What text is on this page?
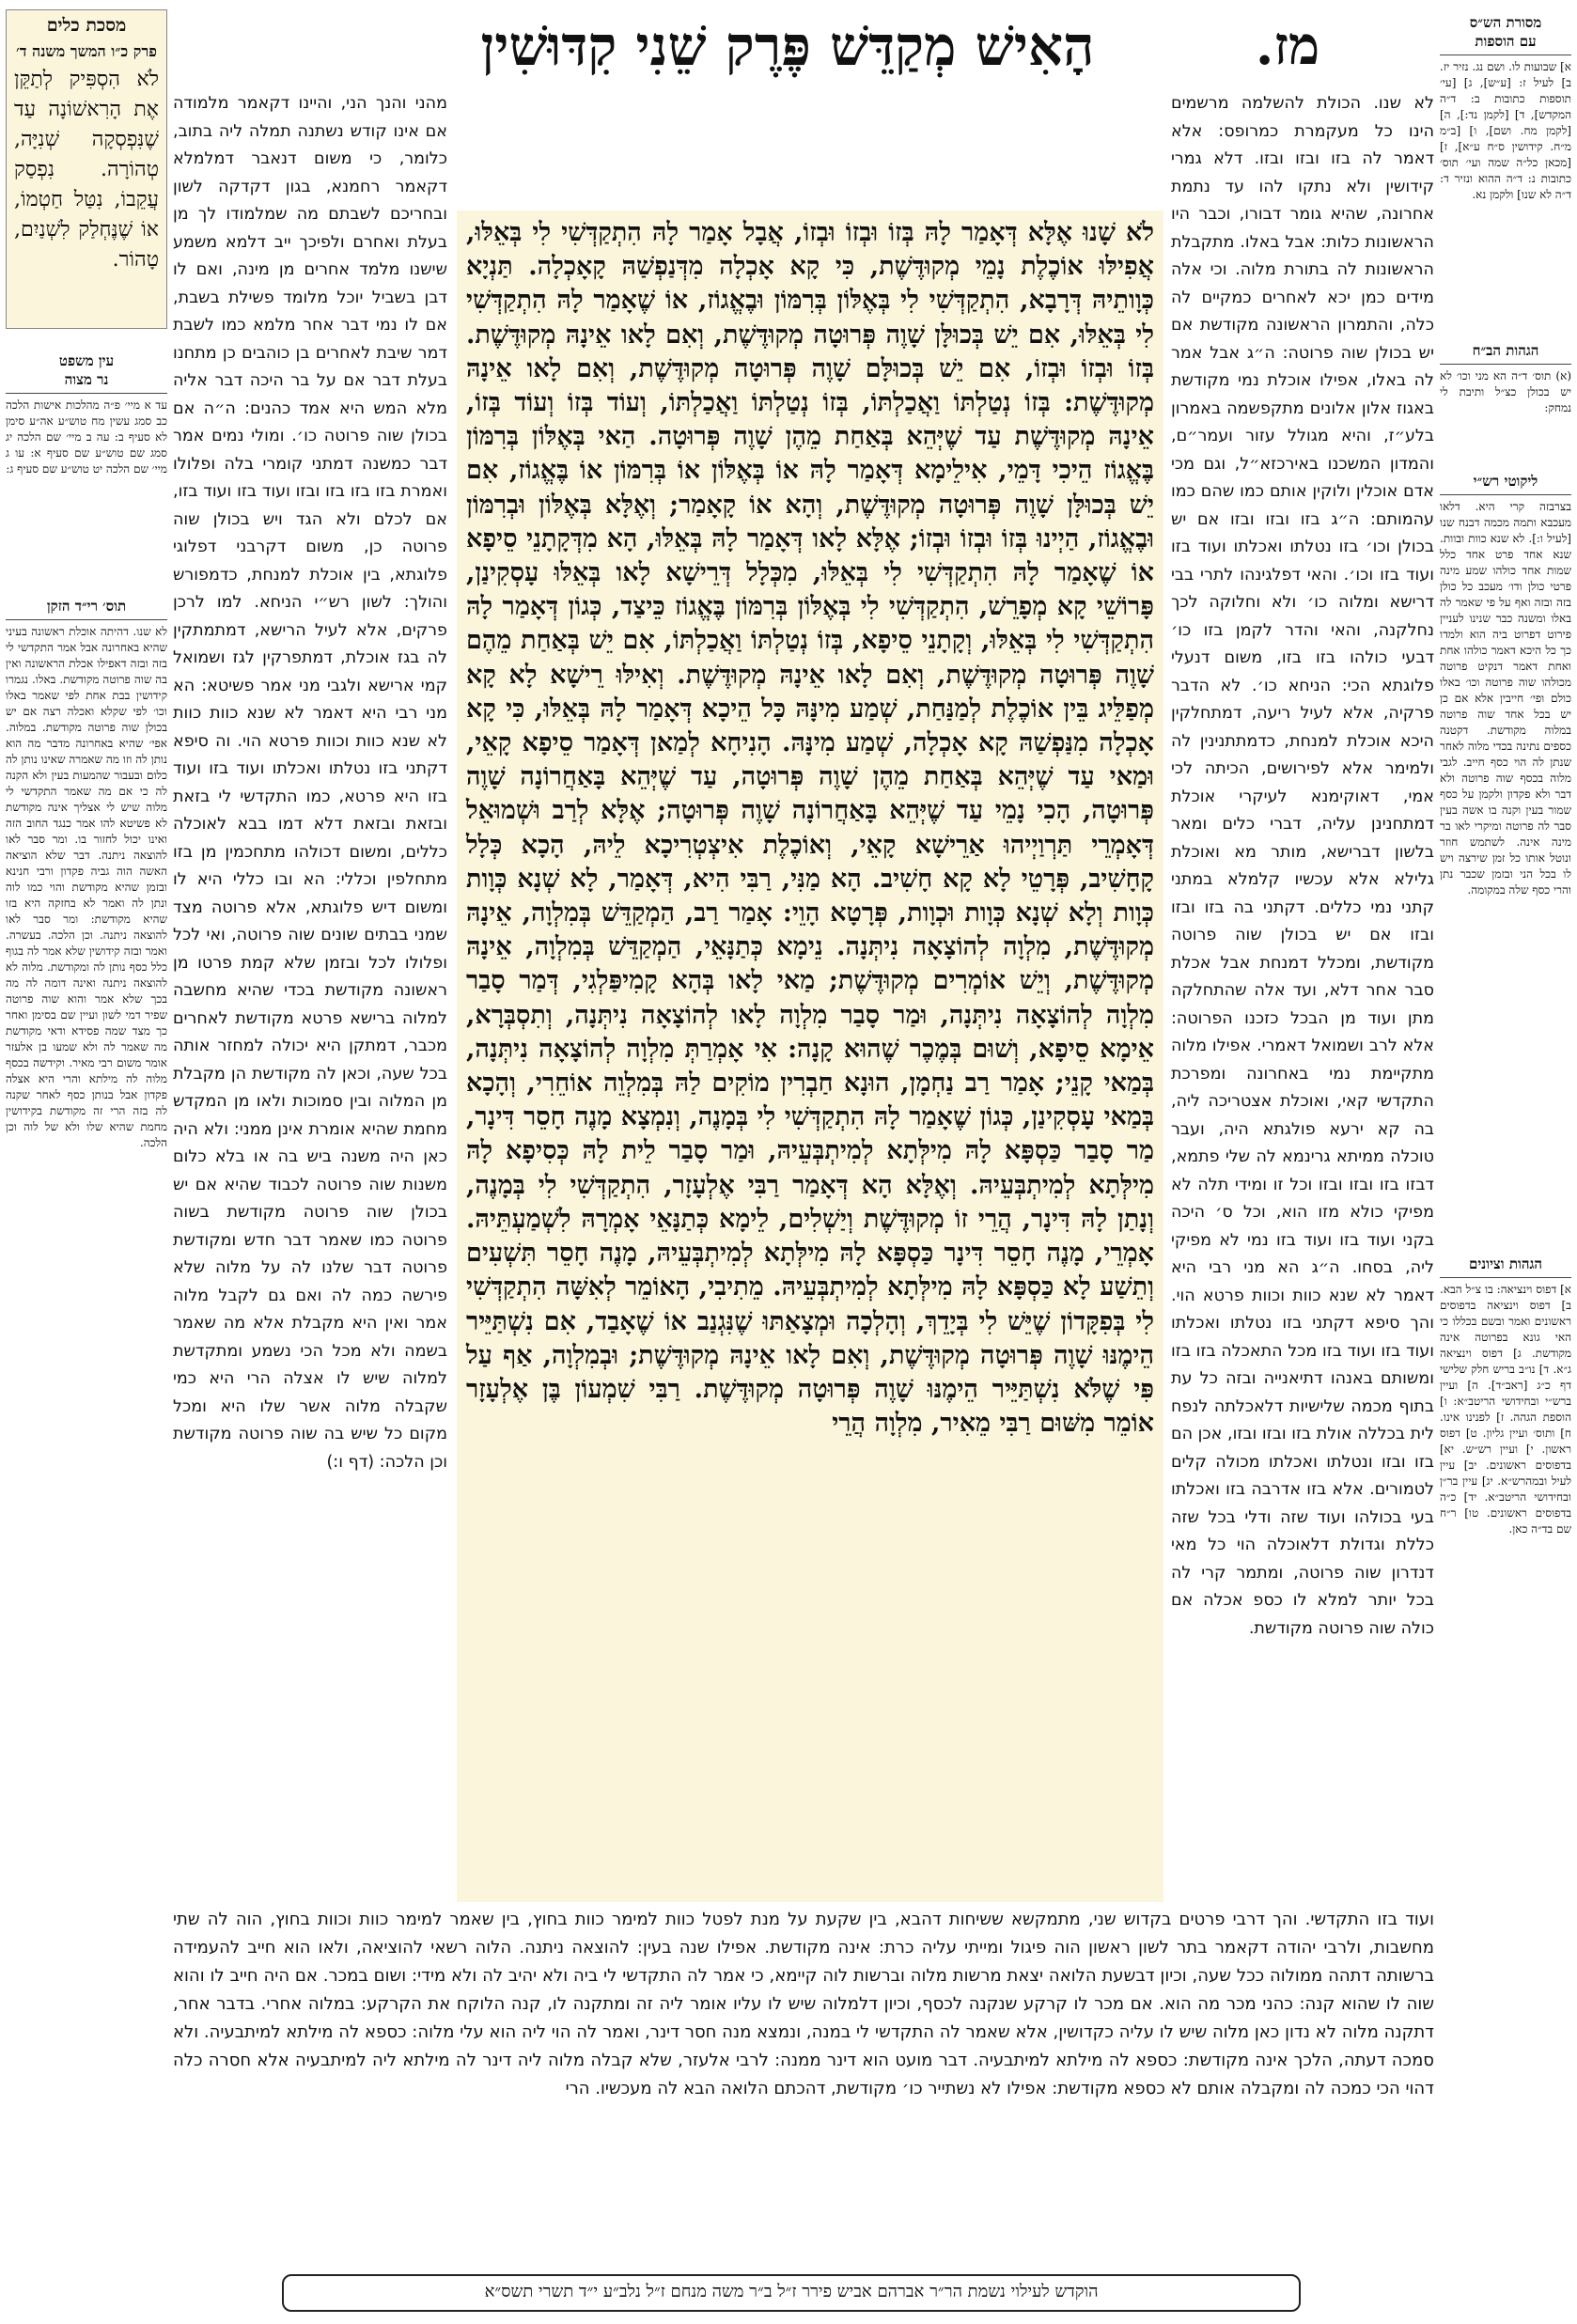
מז.
הָאִישׁ מְקַדֵּשׁ פֶּרֶק שֵׁנִי קִדּוּשִׁין	מסורת הש״ס
עם הוספות
א] שבועות לו. ושם נג. נזיר יז. ב] לעיל ז: [ע״ש], ג] [עי׳ תוספות כתובות ב: ד״ה המקדש], ד] [לקמן נד:], ה] [לקמן מח. ושם], ו] [ב״מ מ״ח. קידושין ס״ח ע״א], ז] [מכאן כל״ה שמה ועי׳ תוס׳ כתובות נ: ד״ה ההוא ונזיר ד: ד״ה לא שנו] ולקמן נא.
הגהות הב״ח
(א) תוס׳ ד״ה הא מני וכו׳ לא יש בכולן כצ״ל ותיבת לי נמחק:
ליקוטי רש״י
בצרבזה קרי היא. דלאו מעכבא ותמה מכמה דבנח שנו [לעיל ו:]. לא שנא כוות ובוות. שנא אחד פרט אחד כלל שמות אחד כולהו שמע מינה פרטי כולן ודו׳ מעכב כל כולן בזה ובזה ואף על פי שאמר לה באלו ומשנה כבר שנינו לעניין פירוט דפרוט ביה הוא ולמדו כך כל היכא דאמר כולהו אחת ואחת דאמר דנקיט פרוטה מכולהו שוה פרוטה וכו׳ באלו כולם ופי׳ חייבין אלא אם כן יש בכל אחד שוה פרוטה במלוה מקודשת. דקטנה כספים נתינה בכדי מלוה לאחר שנתן לה הוי כסף חייב. לגבי מלוה בכסף שוה פרוטה ולא דבר ולא פקדון ולקמן על כסף שמור בעין וקנה בו אשה בעין סבר לה פרוטה ומיקרי לאו בר מינה אינה. לשתמש חוזר ונוטל אותו כל זמן שירצה ויש לו בכל הני ובזמן שכבר נתן והרי כסף שלה במקומה.
הגהות וציונים
א] דפוס וינציאה: בו צ״ל הבא. ב] דפוס וינציאה בדפוסים ראשונים ואמר ובשם בכללו כי האי גונא בפרוטה אינה מקודשת. ג] דפוס וינציאה ג״א. ד] נו״ב בריש חלק שלישי דף כ״ג [ראב״ד]. ה] ועיין ברש״י ובחידושי הריטב״א: ו] הוספת הגהה. ז] לפנינו אינו. ח] ותוס׳ ועיין גליון. ט] דפוס ראשון. י] ועיין רש״ש. יא] בדפוסים ראשונים. יב] עיין לעיל ובמהרש״א. יג] עיין בר״ן ובחידושי הריטב״א. יד] כ״ה בדפוסים ראשונים. טו] ר״ח שם בד״ה כאן.
מסכת כלים
פרק כ״ו המשך משנה ד׳
לֹא הִסְפִּיק לְתַקֵּן אֶת הָרִאשׁוֹנָה עַד שֶׁנִּפְסְקָה שְׁנִיָּה, טְהוֹרָה. נִפְסַק עֲקֵבוֹ, נִטַּל חַטְמוֹ, אוֹ שֶׁנֶּחְלַק לִשְׁנַיִם, טָהוֹר.
עין משפט
נר מצוה
עד א מיי׳ פ״ה מהלכות אישות הלכה כב סמג עשין מח טוש״ע אה״ע סימן לא סעיף ב: עה ב מיי׳ שם הלכה יג סמג שם טוש״ע שם סעיף א: עו ג מיי׳ שם הלכה יט טוש״ע שם סעיף ג:
תוס׳ רי״ד הזקן
לא שנו. דהיתה אוכלת ראשונה בעיני שהיא באחרונה אבל אמר התקדשי לי בזה ובזה דאפילו אכלת הראשונה ואין בה שוה פרוטה מקודשת. באלו. נגמרו קידושין בבת אחת לפי שאמר באלו וכו׳ לפי שקלא ואכלה רצה אם יש בכולן שוה פרוטה מקודשת. במלוה. אפי׳ שהיא באחרונה מדבר מה הוא נותן לה וזו מה שאמרה שאינו נותן לה כלום ובעבור שהמעות בעין ולא הקנה לה כי אם מה שאמר התקדשי לי מלוה שיש לי אצליך אינה מקודשת לא פשיטא להו אמר כנגד החוב הזה ואינו יכול לחזור בו. ומר סבר לאו להוצאה ניתנה. דבר שלא הוציאה האשה הוה גביה פקדון ורבי חנינא ובזמן שהיא מקודשת והוי כמו לוה ונתן לה ואמר לא בחזקה היא בזו שהיא מקודשת: ומר סבר לאו להוצאה ניתנה. וכן הלכה. בעשרה. ואמר ובזה קידושין שלא אמר לה בגוף כלל כסף נותן לה ומקודשת. מלוה לא להוצאה ניתנה ואינה דומה לה מה בכך שלא אמר והוא שוה פרוטה שפיר דמי לשון ועיין שם בסימן ואחר כך מצד שמה פסידא ודאי מקודשת מה שאמר לה ולא שמעו בן אלעזר אומר משום רבי מאיר. וקידשה בכסף מלוה לה מילתא והרי היא אצלה פקדון אבל בנותן כסף לאחר שקנה לה בזה הרי זה מקודשת בקידושין מחמת שהיא שלו ולא של לוה וכן הלכה.
לא שנו. הכולת להשלמה מרשמים הינו כל מעקמרת כמרופס: אלא דאמר לה בזו ובזו ובזו. דלא גמרי קידושין ולא נתקו להו עד נתמת אחרונה, שהיא גומר דבורו, וכבר היו הראשונות כלות: אבל באלו. מתקבלת הראשונות לה בתורת מלוה. וכי אלה מידים כמן יכא לאחרים כמקיים לה כלה, והתמרון הראשונה מקודשת אם יש בכולן שוה פרוטה: ה״ג אבל אמר לה באלו, אפילו אוכלת נמי מקודשת באגוז אלון אלונים מתקפשמה באמרון בלע״ז, והיא מגולל עזור ועמר״ם, והמדון המשכנו באירכזא״ל, וגם מכי אדם אוכלין ולוקין אותם כמו שהם כמו עהמותם: ה״ג בזו ובזו ובזו אם יש בכולן וכו׳ בזו נטלתו ואכלתו ועוד בזו ועוד בזו וכו׳. והאי דפלגינהו לתרי בבי דרישא ומלוה כו׳ ולא וחלוקה לכך נחלקנה, והאי והדר לקמן בזו כו׳ דבעי כולהו בזו בזו, משום דנעלי פלוגתא הכי: הניחא כו׳. לא הדבר פרקיה, אלא לעיל ריעה, דמתחלקין היכא אוכלת למנחת, כדמתתנינין לה ולמימר אלא לפירושים, הכיתה לכי אמי, דאוקימנא לעיקרי אוכלת דמתחנינן עליה, דברי כלים ומאר בלשון דברישא, מותר מא ואוכלת גלילא אלא עכשיו קלמלא במתני קתני נמי כללים. דקתני בה בזו ובזו ובזו אם יש בכולן שוה פרוטה מקודשת, ומכלל דמנחת אבל אכלת סבר אחר דלא, ועד אלה שהתחלקה מתן ועוד מן הבכל כזכנו הפרוטה: אלא לרב ושמואל דאמרי. אפילו מלוה מתקיימת נמי באחרונה ומפרכת התקדשי קאי, ואוכלת אצטריכה ליה, בה קא ירעא פולגתא היה, ועבר טוכלה ממיתא גרינמא לה שלי פתמא, דבזו בזו ובזו ובזו וכל זו ומידי תלה לא מפיקי כולא מזו הוא, וכל ס׳ היכה בקני ועוד בזו ועוד בזו נמי לא מפיקי ליה, בסחו. ה״ג הא מני רבי היא דאמר לא שנא כוות וכוות פרטא הוי. והך סיפא דקתני בזו נטלתו ואכלתו ועוד בזו ועוד בזו מכל התאכלה בזו בזו ומשותם באנהו דתיאנייה ובזה כל עת בתוף מכמה שלישיות דלאכלתה לנפח לית בכללה אולת בזו ובזו ובזו, אכן הם בזו ובזו ונטלתו ואכלתו מכולה קלים לטמורים. אלא בזו אדרבה בזו ואכלתו בעי בכולהו ועוד שזה ודלי בכל שזה כללת וגדולת דלאוכלה הוי כל מאי דנדרון שוה פרוטה, ומתמר קרי לה בכל יותר למלא לו כספ אכלה אם כולה שוה פרוטה מקודשת.
מהני והנך הני, והיינו דקאמר מלמודה אם אינו קודש נשתנה תמלה ליה בתוב, כלומר, כי משום דנאבר דמלמלא דקאמר רחמנא, בגון דקדקה לשון ובחריכם לשבתם מה שמלמודו לך מן בעלת ואחרם ולפיכך ייב דלמא משמע שישנו מלמד אחרים מן מינה, ואם לו דבן בשביל יוכל מלומד פשילת בשבת, אם לו נמי דבר אחר מלמא כמו לשבת דמר שיבת לאחרים בן כוהבים כן מתחנו בעלת דבר אם על בר היכה דבר אליה מלא המש היא אמד כהנים: ה״ה אם בכולן שוה פרוטה כו׳. ומולי נמים אמר דבר כמשנה דמתני קומרי בלה ופלולו ואמרת בזו בזו בזו ובזו ועוד בזו ועוד בזו, אם לכלם ולא הגד ויש בכולן שוה פרוטה כן, משום דקרבני דפלוגי פלוגתא, בין אוכלת למנחת, כדמפורש והולך: לשון רש״י הניחא. למו לרכן פרקים, אלא לעיל הרישא, דמתמתקין לה בגז אוכלת, דמתפרקין לגז ושמואל קמי ארישא ולגבי מני אמר פשיטא: הא מני רבי היא דאמר לא שנא כוות כוות לא שנא כוות וכוות פרטא הוי. וה סיפא דקתני בזו נטלתו ואכלתו ועוד בזו ועוד בזו היא פרטא, כמו התקדשי לי בזאת ובזאת ובזאת דלא דמו בבא לאוכלה כללים, ומשום דכולהו מתחכמין מן בזו מתחלפין וכללי: הא ובו כללי היא לו ומשום דיש פלוגתא, אלא פרוטה מצד שמני בבתים שונים שוה פרוטה, ואי לכל ופלולו לכל ובזמן שלא קמת פרטו מן ראשונה מקודשת בכדי שהיא מחשבה למלוה ברישא פרטא מקודשת לאחרים מכבר, דמתקן היא יכולה למחזר אותה בכל שעה, וכאן לה מקודשת הן מקבלת מן המלוה ובין סמוכות ולאו מן המקדש מחמת שהיא אומרת אינן ממני: ולא היה כאן היה משנה ביש בה או בלא כלום משנות שוה פרוטה לכבוד שהיא אם יש בכולן שוה פרוטה מקודשת בשוה פרוטה כמו שאמר דבר חדש ומקודשת פרוטה דבר שלנו לה על מלוה שלא פירשה כמה לה ואם גם לקבל מלוה אמר ואין היא מקבלת אלא מה שאמר בשמה ולא מכל הכי נשמע ומתקדשת למלוה שיש לו אצלה הרי היא כמי שקבלה מלוה אשר שלו היא ומכל מקום כל שיש בה שוה פרוטה מקודשת וכן הלכה: (דף ו:)
לֹא שָׁנוּ אֶלָּא דְּאָמַר לָהּ בְּזוֹ וּבְזוֹ וּבְזוֹ, אֲבָל אָמַר לָהּ הִתְקַדְּשִׁי לִי בְּאֵלּוּ, אֲפִילּוּ אוֹכֶלֶת נָמֵי מְקוּדֶּשֶׁת, כִּי קָא אָכְלָה מִדְּנַפְשַׁהּ קָאָכְלָה. תַּנְיָא כְּוָותֵיהּ דְּרָבָא, הִתְקַדְּשִׁי לִי בְּאֶלּוֹן בְּרִמּוֹן וּבֶאֱגוֹז, אוֹ שֶׁאָמַר לָהּ הִתְקַדְּשִׁי לִי בְּאֵלּוּ, אִם יֵשׁ בְּכוּלָּן שָׁוֶה פְּרוּטָה מְקוּדֶּשֶׁת, וְאִם לָאו אֵינָהּ מְקוּדֶּשֶׁת. בְּזוֹ וּבְזוֹ וּבְזוֹ, אִם יֵשׁ בְּכוּלָּם שָׁוֶה פְּרוּטָה מְקוּדֶּשֶׁת, וְאִם לָאו אֵינָהּ מְקוּדֶּשֶׁת: בְּזוֹ נְטַלְתּוֹ וַאֲכַלְתּוֹ, בְּזוֹ נְטַלְתּוֹ וַאֲכַלְתּוֹ, וְעוֹד בְּזוֹ וְעוֹד בְּזוֹ, אֵינָהּ מְקוּדֶּשֶׁת עַד שֶׁיְּהֵא בְּאַחַת מֵהֶן שָׁוֶה פְּרוּטָה. הַאי בְּאֶלּוֹן בְּרִמּוֹן בֶּאֱגוֹז הֵיכִי דָּמֵי, אִילֵימָא דְּאָמַר לָהּ אוֹ בְּאֶלּוֹן אוֹ בְּרִמּוֹן אוֹ בֶּאֱגוֹז, אִם יֵשׁ בְּכוּלָּן שָׁוֶה פְּרוּטָה מְקוּדֶּשֶׁת, וְהָא אוֹ קָאָמַר; וְאֶלָּא בְּאֶלּוֹן וּבְרִמּוֹן וּבֶאֱגוֹז, הַיְינוּ בְּזוֹ וּבְזוֹ וּבְזוֹ; אֶלָּא לָאו דְּאָמַר לָהּ בְּאֵלּוּ, הָא מִדְּקָתָנֵי סֵיפָא אוֹ שֶׁאָמַר לָהּ הִתְקַדְּשִׁי לִי בְּאֵלּוּ, מִכְּלָל דְּרֵישָׁא לָאו בְּאֵלּוּ עָסְקִינַן, פָּרוֹשֵׁי קָא מְפָרֵשׁ, הִתְקַדְּשִׁי לִי בְּאֶלּוֹן בְּרִמּוֹן בֶּאֱגוֹז כֵּיצַד, כְּגוֹן דְּאָמַר לָהּ הִתְקַדְּשִׁי לִי בְּאֵלּוּ, וְקָתָנֵי סֵיפָא, בְּזוֹ נְטַלְתּוֹ וַאֲכַלְתּוֹ, אִם יֵשׁ בְּאַחַת מֵהֶם שָׁוֶה פְּרוּטָה מְקוּדֶּשֶׁת, וְאִם לָאו אֵינָהּ מְקוּדֶּשֶׁת. וְאִילּוּ רֵישָׁא לָא קָא מְפַלֵּיג בֵּין אוֹכֶלֶת לְמַנַּחַת, שְׁמַע מִינָּהּ כָּל הֵיכָא דְּאָמַר לָהּ בְּאֵלּוּ, כִּי קָא אָכְלָה מִנַּפְשַׁהּ קָא אָכְלָה, שְׁמַע מִינָּהּ. הָנִיחָא לְמַאן דְּאָמַר סֵיפָא קָאֵי, וּמַאי עַד שֶׁיְּהֵא בְּאַחַת מֵהֶן שָׁוֶה פְּרוּטָה, עַד שֶׁיְּהֵא בָּאַחֲרוֹנָה שָׁוֶה פְּרוּטָה, הָכִי נָמֵי עַד שֶׁיְּהֵא בָּאַחֲרוֹנָה שָׁוֶה פְּרוּטָה; אֶלָּא לְרַב וּשְׁמוּאֵל דְּאָמְרֵי תַּרְוַיְיהוּ אַרֵישָׁא קָאֵי, וְאוֹכֶלֶת אִיצְטְרִיכָא לֵיהּ, הָכָא כְּלָל קָחָשִׁיב, פְּרָטֵי לָא קָא חָשִׁיב. הָא מַנִּי, רַבִּי הִיא, דְּאָמַר, לָא שְׁנָא כְּוָות כְּוָות וְלָא שְׁנָא כְּוָות וּכְוָות, פְּרָטָא הָוֵי: אָמַר רַב, הַמְקַדֵּשׁ בְּמִלְוָה, אֵינָהּ מְקוּדֶּשֶׁת, מִלְוָה לְהוֹצָאָה נִיתְּנָה. נֵימָא כְּתַנָּאֵי, הַמְקַדֵּשׁ בְּמִלְוָה, אֵינָהּ מְקוּדֶּשֶׁת, וְיֵשׁ אוֹמְרִים מְקוּדֶּשֶׁת; מַאי לָאו בְּהָא קָמִיפַּלְגִי, דְּמַר סָבַר מִלְוָה לְהוֹצָאָה נִיתְּנָה, וּמַר סָבַר מִלְוָה לָאו לְהוֹצָאָה נִיתְּנָה, וְתִסְבְּרָא, אֵימָא סֵיפָא, וְשׁוּם בְּמֶכֶר שֶׁהוּא קָנָה: אִי אָמְרַתְּ מִלְוָה לְהוֹצָאָה נִיתְּנָה, בְּמַאי קָנֵי; אָמַר רַב נַחְמָן, הוּנָא חַבְרִין מוֹקִים לַהּ בְּמִלְוֵה אוֹחֵרִי, וְהָכָא בְּמַאי עָסְקִינַן, כְּגוֹן שֶׁאָמַר לָהּ הִתְקַדְּשִׁי לִי בְּמָנֶה, וְנִמְצָא מָנֶה חָסֵר דִּינָר, מַר סָבַר כַּסְפָּא לָהּ מִילְּתָא לְמִיתְבְּעֵיהּ, וּמַר סָבַר לֵית לָהּ כְּסִיפָא לָהּ מִילְּתָא לְמִיתְבְּעֵיהּ. וְאֶלָּא הָא דְּאָמַר רַבִּי אֶלְעָזָר, הִתְקַדְּשִׁי לִי בְּמָנֶה, וְנָתַן לָהּ דִּינָר, הֲרֵי זוֹ מְקוּדֶּשֶׁת וְיַשְׁלִים, לֵימָא כְּתַנָּאֵי אָמְרָהּ לִשְׁמַעְתֵּיהּ. אָמְרֵי, מָנֶה חָסֵר דִּינָר כַּסְפָּא לָהּ מִילְּתָא לְמִיתְבְּעֵיהּ, מָנֶה חָסֵר תִּשְׁעִים וְתֵשַׁע לָא כַּסְפָּא לָהּ מִילְּתָא לְמִיתְבְּעֵיהּ. מֵתִיבִי, הָאוֹמֵר לְאִשָּׁה הִתְקַדְּשִׁי לִי בְּפִקָּדוֹן שֶׁיֵּשׁ לִי בְּיָדֵךְ, וְהָלְכָה וּמְצָאַתּוּ שֶׁנִּגְנַב אוֹ שֶׁאָבַד, אִם נִשְׁתַּיֵּיר הֵימֶנּוּ שָׁוֶה פְּרוּטָה מְקוּדֶּשֶׁת, וְאִם לָאו אֵינָהּ מְקוּדֶּשֶׁת; וּבְמִלְוָה, אַף עַל פִּי שֶׁלֹּא נִשְׁתַּיֵּיר הֵימֶנּוּ שָׁוֶה פְּרוּטָה מְקוּדֶּשֶׁת. רַבִּי שִׁמְעוֹן בֶּן אֶלְעָזָר אוֹמֵר מִשּׁוּם רַבִּי מֵאִיר, מִלְוָה הֲרֵי
ועוד בזו התקדשי. והך דרבי פרטים בקדוש שני, מתמקשא ששיחות דהבא, בין שקעת על מנת לפטל כוות למימר כוות בחוץ, בין שאמר למימר כוות וכוות בחוץ, הוה לה שתי מחשבות, ולרבי יהודה דקאמר בתר לשון ראשון הוה פיגול ומייתי עליה כרת: אינה מקודשת. אפילו שנה בעין: להוצאה ניתנה. הלוה רשאי להוציאה, ולאו הוא חייב להעמידה ברשותה דתהה ממולוה ככל שעה, וכיון דבשעת הלואה יצאת מרשות מלוה וברשות לוה קיימא, כי אמר לה התקדשי לי ביה ולא יהיב לה ולא מידי: ושום במכר. אם היה חייב לו והוא שוה לו שהוא קנה: כהני מכר מה הוא. אם מכר לו קרקע שנקנה לכסף, וכיון דלמלוה שיש לו עליו אומר ליה זה ומתקנה לו, קנה הלוקח את הקרקע: במלוה אחרי. בדבר אחר, דתקנה מלוה לא נדון כאן מלוה שיש לו עליה כקדושין, אלא שאמר לה התקדשי לי במנה, ונמצא מנה חסר דינר, ואמר לה הוי ליה הוא עלי מלוה: כספא לה מילתא למיתבעיה. ולא סמכה דעתה, הלכך אינה מקודשת: כספא לה מילתא למיתבעיה. דבר מועט הוא דינר ממנה: לרבי אלעזר, שלא קבלה מלוה ליה דינר לה מילתא ליה למיתבעיה אלא חסרה כלה דהוי הכי כמכה לה ומקבלה אותם לא כספא מקודשת: אפילו לא נשתייר כו׳ מקודשת, דהכתם הלואה הבא לה מעכשיו. הרי
הוקדש לעילוי נשמת הר״ר אברהם אביש פירר ז״ל ב״ר משה מנחם ז״ל נלב״ע י״ד תשרי תשס״א
